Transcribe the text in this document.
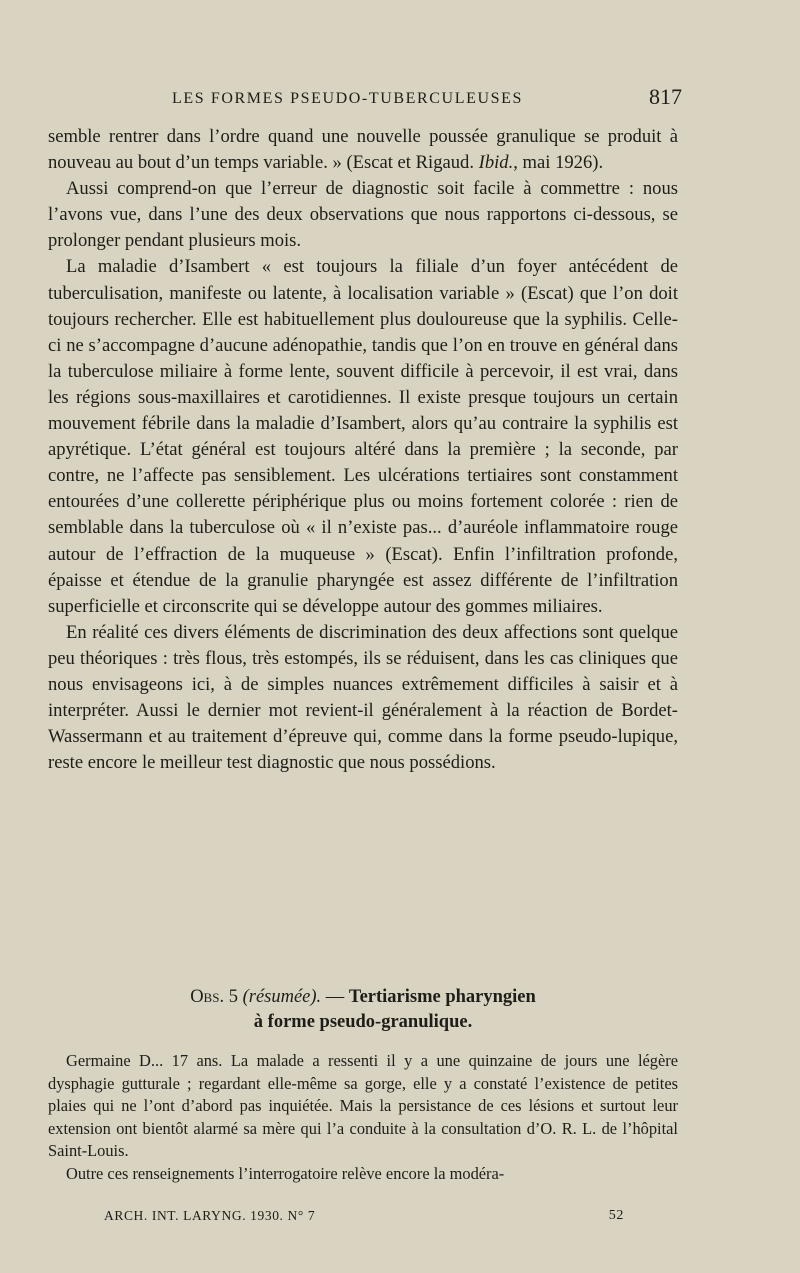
LES FORMES PSEUDO-TUBERCULEUSES	817

semble rentrer dans l’ordre quand une nouvelle poussée granulique se produit à nouveau au bout d’un temps variable. » (Escat et Rigaud. Ibid., mai 1926).

Aussi comprend-on que l’erreur de diagnostic soit facile à commettre : nous l’avons vue, dans l’une des deux observations que nous rapportons ci-dessous, se prolonger pendant plusieurs mois.

La maladie d’Isambert « est toujours la filiale d’un foyer antécédent de tuberculisation, manifeste ou latente, à localisation variable » (Escat) que l’on doit toujours rechercher. Elle est habituellement plus douloureuse que la syphilis. Celle-ci ne s’accompagne d’aucune adénopathie, tandis que l’on en trouve en général dans la tuberculose miliaire à forme lente, souvent difficile à percevoir, il est vrai, dans les régions sous-maxillaires et carotidiennes. Il existe presque toujours un certain mouvement fébrile dans la maladie d’Isambert, alors qu’au contraire la syphilis est apyrétique. L’état général est toujours altéré dans la première ; la seconde, par contre, ne l’affecte pas sensiblement. Les ulcérations tertiaires sont constamment entourées d’une collerette périphérique plus ou moins fortement colorée : rien de semblable dans la tuberculose où « il n’existe pas... d’auréole inflammatoire rouge autour de l’effraction de la muqueuse » (Escat). Enfin l’infiltration profonde, épaisse et étendue de la granulie pharyngée est assez différente de l’infiltration superficielle et circonscrite qui se développe autour des gommes miliaires.

En réalité ces divers éléments de discrimination des deux affections sont quelque peu théoriques : très flous, très estompés, ils se réduisent, dans les cas cliniques que nous envisageons ici, à de simples nuances extrêmement difficiles à saisir et à interpréter. Aussi le dernier mot revient-il généralement à la réaction de Bordet-Wassermann et au traitement d’épreuve qui, comme dans la forme pseudo-lupique, reste encore le meilleur test diagnostic que nous possédions.

Obs. 5 (résumée). — Tertiarisme pharyngien
à forme pseudo-granulique.

Germaine D... 17 ans. La malade a ressenti il y a une quinzaine de jours une légère dysphagie gutturale ; regardant elle-même sa gorge, elle y a constaté l’existence de petites plaies qui ne l’ont d’abord pas inquiétée. Mais la persistance de ces lésions et surtout leur extension ont bientôt alarmé sa mère qui l’a conduite à la consultation d’O. R. L. de l’hôpital Saint-Louis.

Outre ces renseignements l’interrogatoire relève encore la modéra-

ARCH. INT. LARYNG. 1930. N° 7	52
